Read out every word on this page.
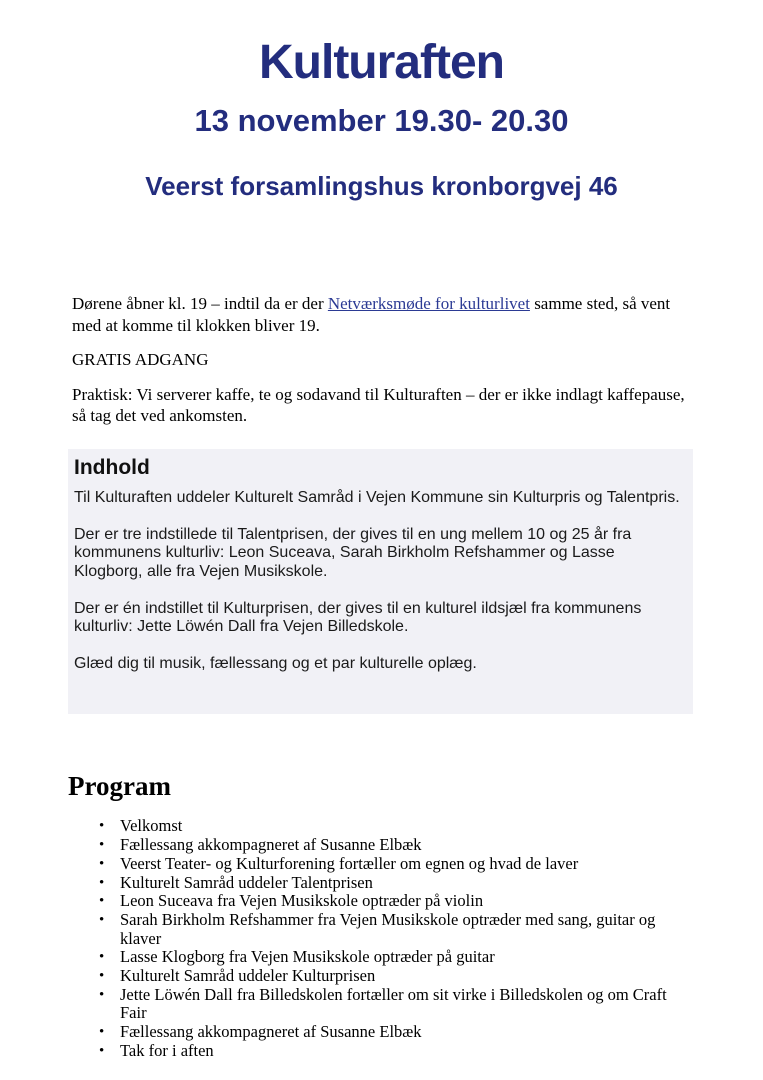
Kulturaften
13 november 19.30- 20.30
Veerst forsamlingshus kronborgvej 46

Dørene åbner kl. 19 – indtil da er der Netværksmøde for kulturlivet samme sted, så vent med at komme til klokken bliver 19.

GRATIS ADGANG

Praktisk: Vi serverer kaffe, te og sodavand til Kulturaften – der er ikke indlagt kaffepause, så tag det ved ankomsten.

Indhold

Til Kulturaften uddeler Kulturelt Samråd i Vejen Kommune sin Kulturpris og Talentpris.

Der er tre indstillede til Talentprisen, der gives til en ung mellem 10 og 25 år fra kommunens kulturliv: Leon Suceava, Sarah Birkholm Refshammer og Lasse Klogborg, alle fra Vejen Musikskole.

Der er én indstillet til Kulturprisen, der gives til en kulturel ildsjæl fra kommunens kulturliv: Jette Löwén Dall fra Vejen Billedskole.

Glæd dig til musik, fællessang og et par kulturelle oplæg.

Program
• Velkomst
• Fællessang akkompagneret af Susanne Elbæk
• Veerst Teater- og Kulturforening fortæller om egnen og hvad de laver
• Kulturelt Samråd uddeler Talentprisen
• Leon Suceava fra Vejen Musikskole optræder på violin
• Sarah Birkholm Refshammer fra Vejen Musikskole optræder med sang, guitar og klaver
• Lasse Klogborg fra Vejen Musikskole optræder på guitar
• Kulturelt Samråd uddeler Kulturprisen
• Jette Löwén Dall fra Billedskolen fortæller om sit virke i Billedskolen og om Craft Fair
• Fællessang akkompagneret af Susanne Elbæk
• Tak for i aften
